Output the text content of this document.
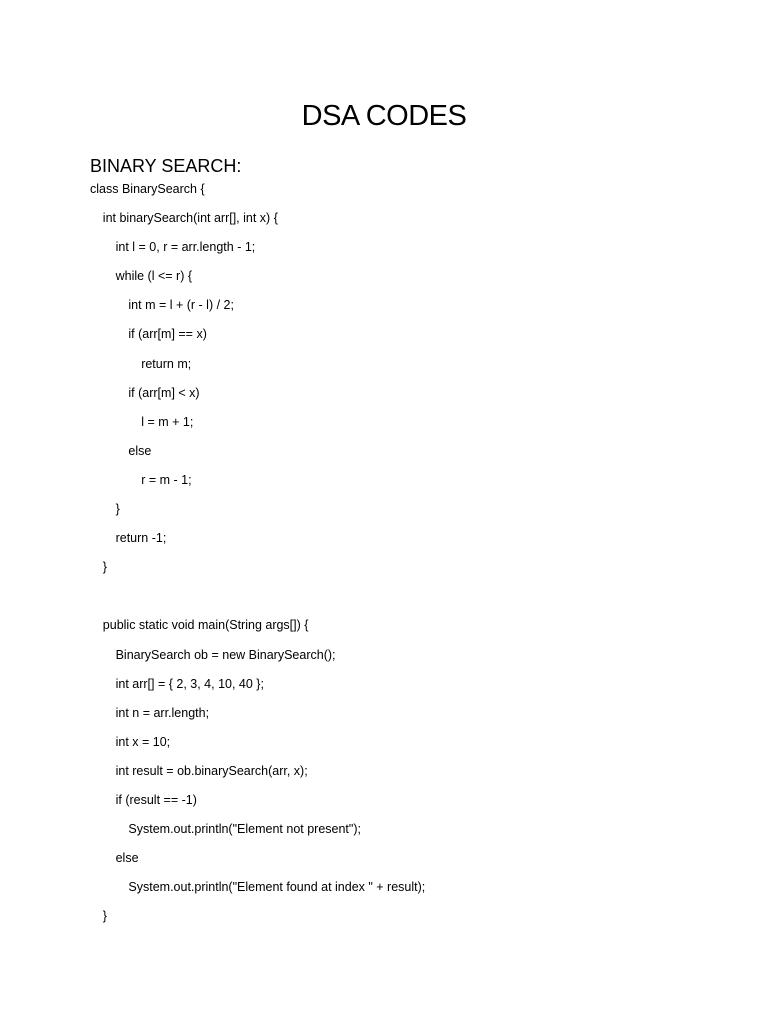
DSA CODES
BINARY SEARCH:
class BinarySearch {
int binarySearch(int arr[], int x) {
int l = 0, r = arr.length - 1;
while (l <= r) {
int m = l + (r - l) / 2;
if (arr[m] == x)
return m;
if (arr[m] < x)
l = m + 1;
else
r = m - 1;
}
return -1;
}
public static void main(String args[]) {
BinarySearch ob = new BinarySearch();
int arr[] = { 2, 3, 4, 10, 40 };
int n = arr.length;
int x = 10;
int result = ob.binarySearch(arr, x);
if (result == -1)
System.out.println("Element not present");
else
System.out.println("Element found at index " + result);
}
